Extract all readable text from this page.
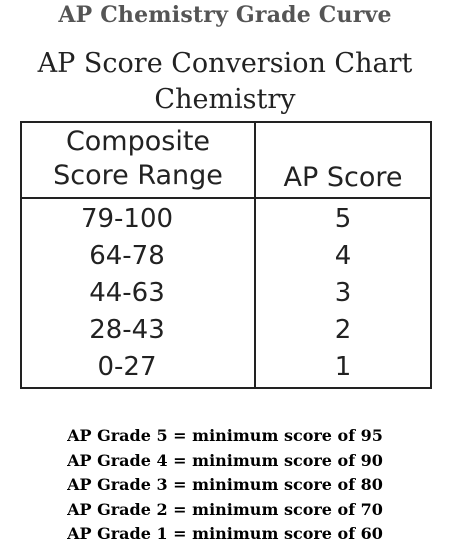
AP Chemistry Grade Curve
AP Score Conversion Chart
Chemistry
Composite
Score Range	AP Score
79-100	5
64-78	4
44-63	3
28-43	2
0-27	1
AP Grade 5 = minimum score of 95
AP Grade 4 = minimum score of 90
AP Grade 3 = minimum score of 80
AP Grade 2 = minimum score of 70
AP Grade 1 = minimum score of 60
